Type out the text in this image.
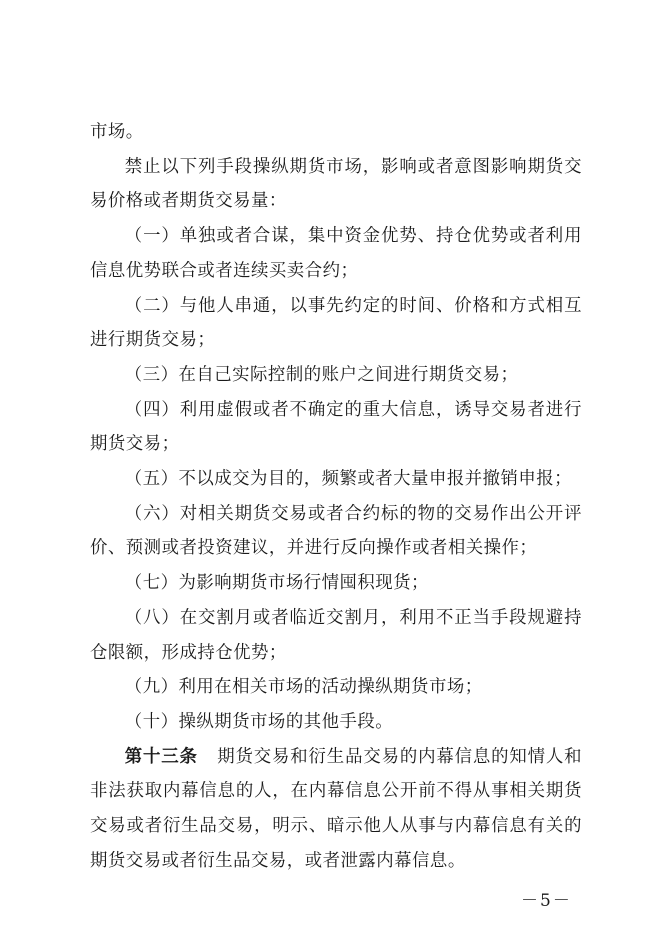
市场。

禁止以下列手段操纵期货市场，影响或者意图影响期货交易价格或者期货交易量：

（一）单独或者合谋，集中资金优势、持仓优势或者利用信息优势联合或者连续买卖合约；

（二）与他人串通，以事先约定的时间、价格和方式相互进行期货交易；

（三）在自己实际控制的账户之间进行期货交易；

（四）利用虚假或者不确定的重大信息，诱导交易者进行期货交易；

（五）不以成交为目的，频繁或者大量申报并撤销申报；

（六）对相关期货交易或者合约标的物的交易作出公开评价、预测或者投资建议，并进行反向操作或者相关操作；

（七）为影响期货市场行情囤积现货；

（八）在交割月或者临近交割月，利用不正当手段规避持仓限额，形成持仓优势；

（九）利用在相关市场的活动操纵期货市场；

（十）操纵期货市场的其他手段。

第十三条 期货交易和衍生品交易的内幕信息的知情人和非法获取内幕信息的人，在内幕信息公开前不得从事相关期货交易或者衍生品交易，明示、暗示他人从事与内幕信息有关的期货交易或者衍生品交易，或者泄露内幕信息。

－5－
